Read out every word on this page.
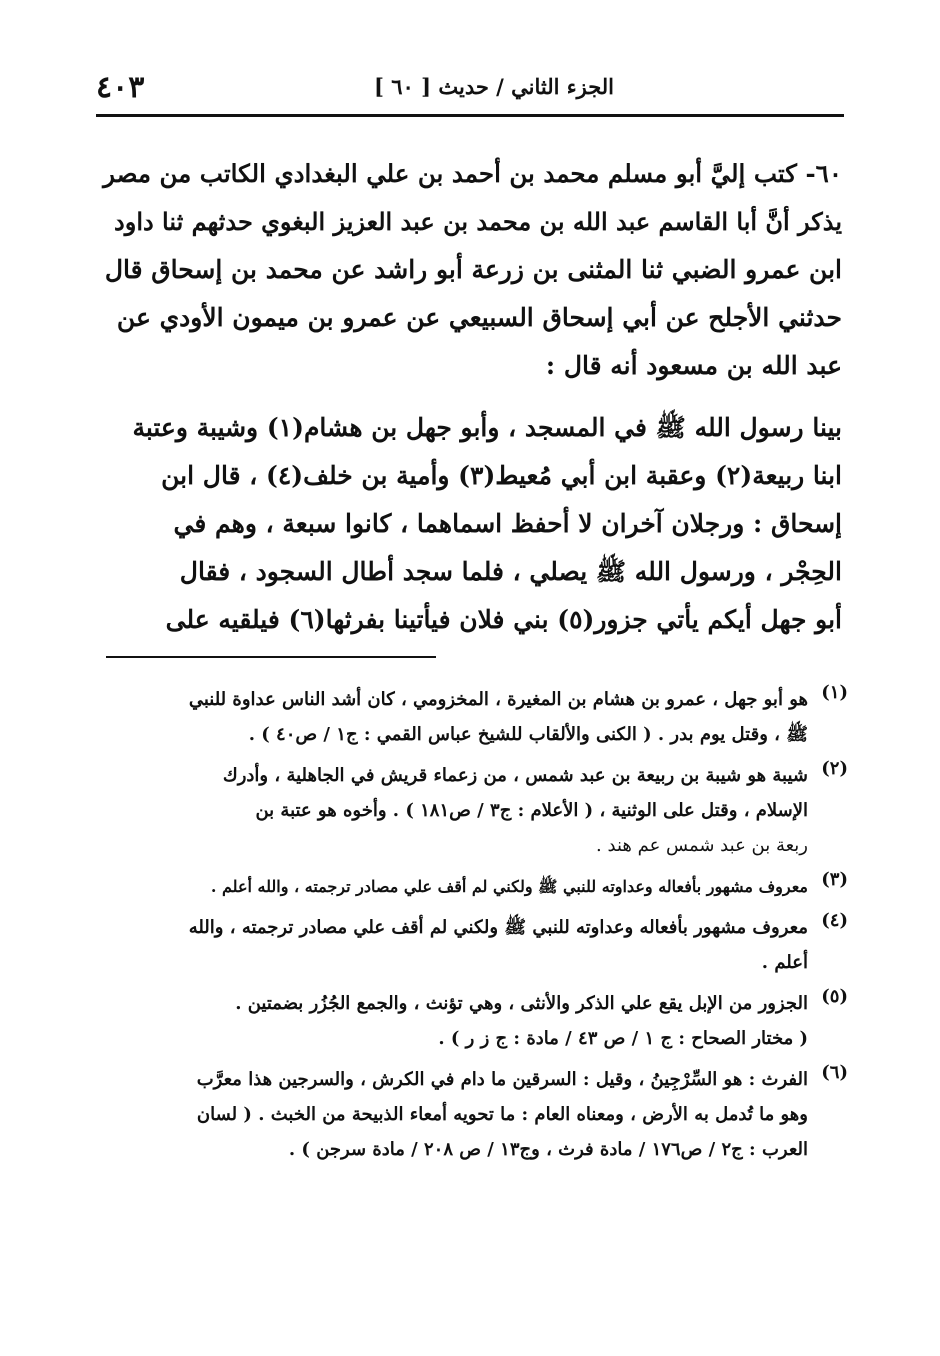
٤٠٣	الجزء الثاني / حديث [ ٦٠ ]
٦٠- كتب إليَّ أبو مسلم محمد بن أحمد بن علي البغدادي الكاتب من مصر
يذكر أنَّ أبا القاسم عبد الله بن محمد بن عبد العزيز البغوي حدثهم ثنا داود
ابن عمرو الضبي ثنا المثنى بن زرعة أبو راشد عن محمد بن إسحاق قال
حدثني الأجلح عن أبي إسحاق السبيعي عن عمرو بن ميمون الأودي عن
عبد الله بن مسعود أنه قال :
بينا رسول الله ﷺ في المسجد ، وأبو جهل بن هشام(١) وشيبة وعتبة
ابنا ربيعة(٢) وعقبة ابن أبي مُعيط(٣) وأمية بن خلف(٤) ، قال ابن
إسحاق : ورجلان آخران لا أحفظ اسماهما ، كانوا سبعة ، وهم في
الحِجْر ، ورسول الله ﷺ يصلي ، فلما سجد أطال السجود ، فقال
أبو جهل أيكم يأتي جزور(٥) بني فلان فيأتينا بفرثها(٦) فيلقيه على
(١)
هو أبو جهل ، عمرو بن هشام بن المغيرة ، المخزومي ، كان أشد الناس عداوة للنبي
ﷺ ، وقتل يوم بدر . ( الكنى والألقاب للشيخ عباس القمي : ج١ / ص٤٠ ) .
(٢)
شيبة هو شيبة بن ربيعة بن عبد شمس ، من زعماء قريش في الجاهلية ، وأدرك
الإسلام ، وقتل على الوثنية ، ( الأعلام : ج٣ / ص١٨١ ) . وأخوه هو عتبة بن
ربعة بن عبد شمس عم هند .
(٣)
معروف مشهور بأفعاله وعداوته للنبي ﷺ ولكني لم أقف علي مصادر ترجمته ، والله أعلم .
(٤)
معروف مشهور بأفعاله وعداوته للنبي ﷺ ولكني لم أقف علي مصادر ترجمته ، والله
أعلم .
(٥)
الجزور من الإبل يقع علي الذكر والأنثى ، وهي تؤنث ، والجمع الجُزُر بضمتين .
( مختار الصحاح : ج ١ / ص ٤٣ / مادة : ج ز ر ) .
(٦)
الفرث : هو السِّرْجِينُ ، وقيل : السرقين ما دام في الكرش ، والسرجين هذا معرَّب
وهو ما تُدمل به الأرض ، ومعناه العام : ما تحويه أمعاء الذبيحة من الخبث . ( لسان
العرب : ج٢ / ص١٧٦ / مادة فرث ، وج١٣ / ص ٢٠٨ / مادة سرجن ) .
